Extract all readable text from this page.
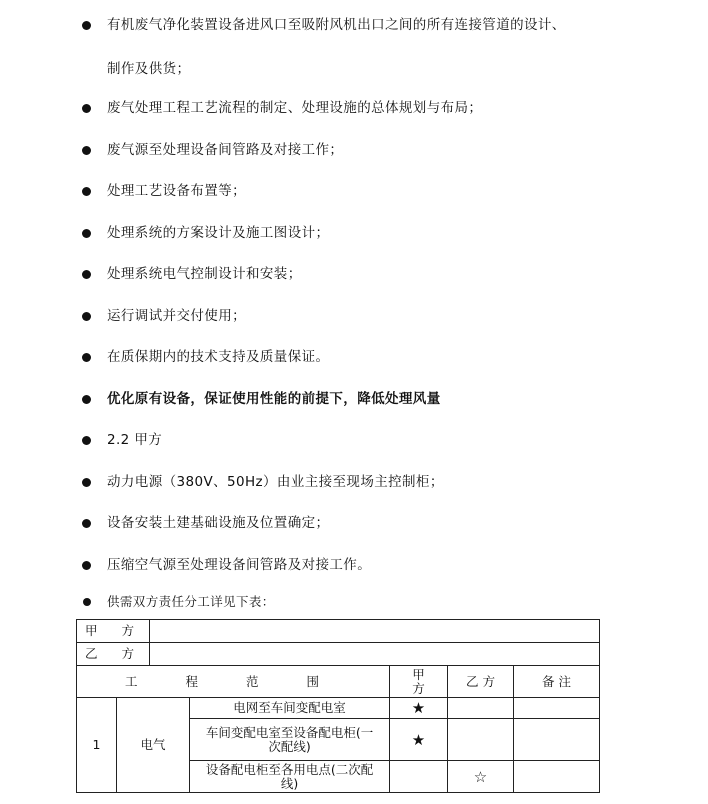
有机废气净化装置设备进风口至吸附风机出口之间的所有连接管道的设计、
制作及供货；
废气处理工程工艺流程的制定、处理设施的总体规划与布局；
废气源至处理设备间管路及对接工作；
处理工艺设备布置等；
处理系统的方案设计及施工图设计；
处理系统电气控制设计和安装；
运行调试并交付使用；
在质保期内的技术支持及质量保证。
优化原有设备，保证使用性能的前提下，降低处理风量
2.2 甲方
动力电源（380V、50Hz）由业主接至现场主控制柜；
设备安装土建基础设施及位置确定；
压缩空气源至处理设备间管路及对接工作。
供需双方责任分工详见下表：
甲 方						
乙 方						
工 程 范 围				甲方	乙 方	备 注
1	电气		电网至车间变配电室	★		
			车间变配电室至设备配电柜(一次配线)	★		
			设备配电柜至各用电点(二次配线)		☆	
